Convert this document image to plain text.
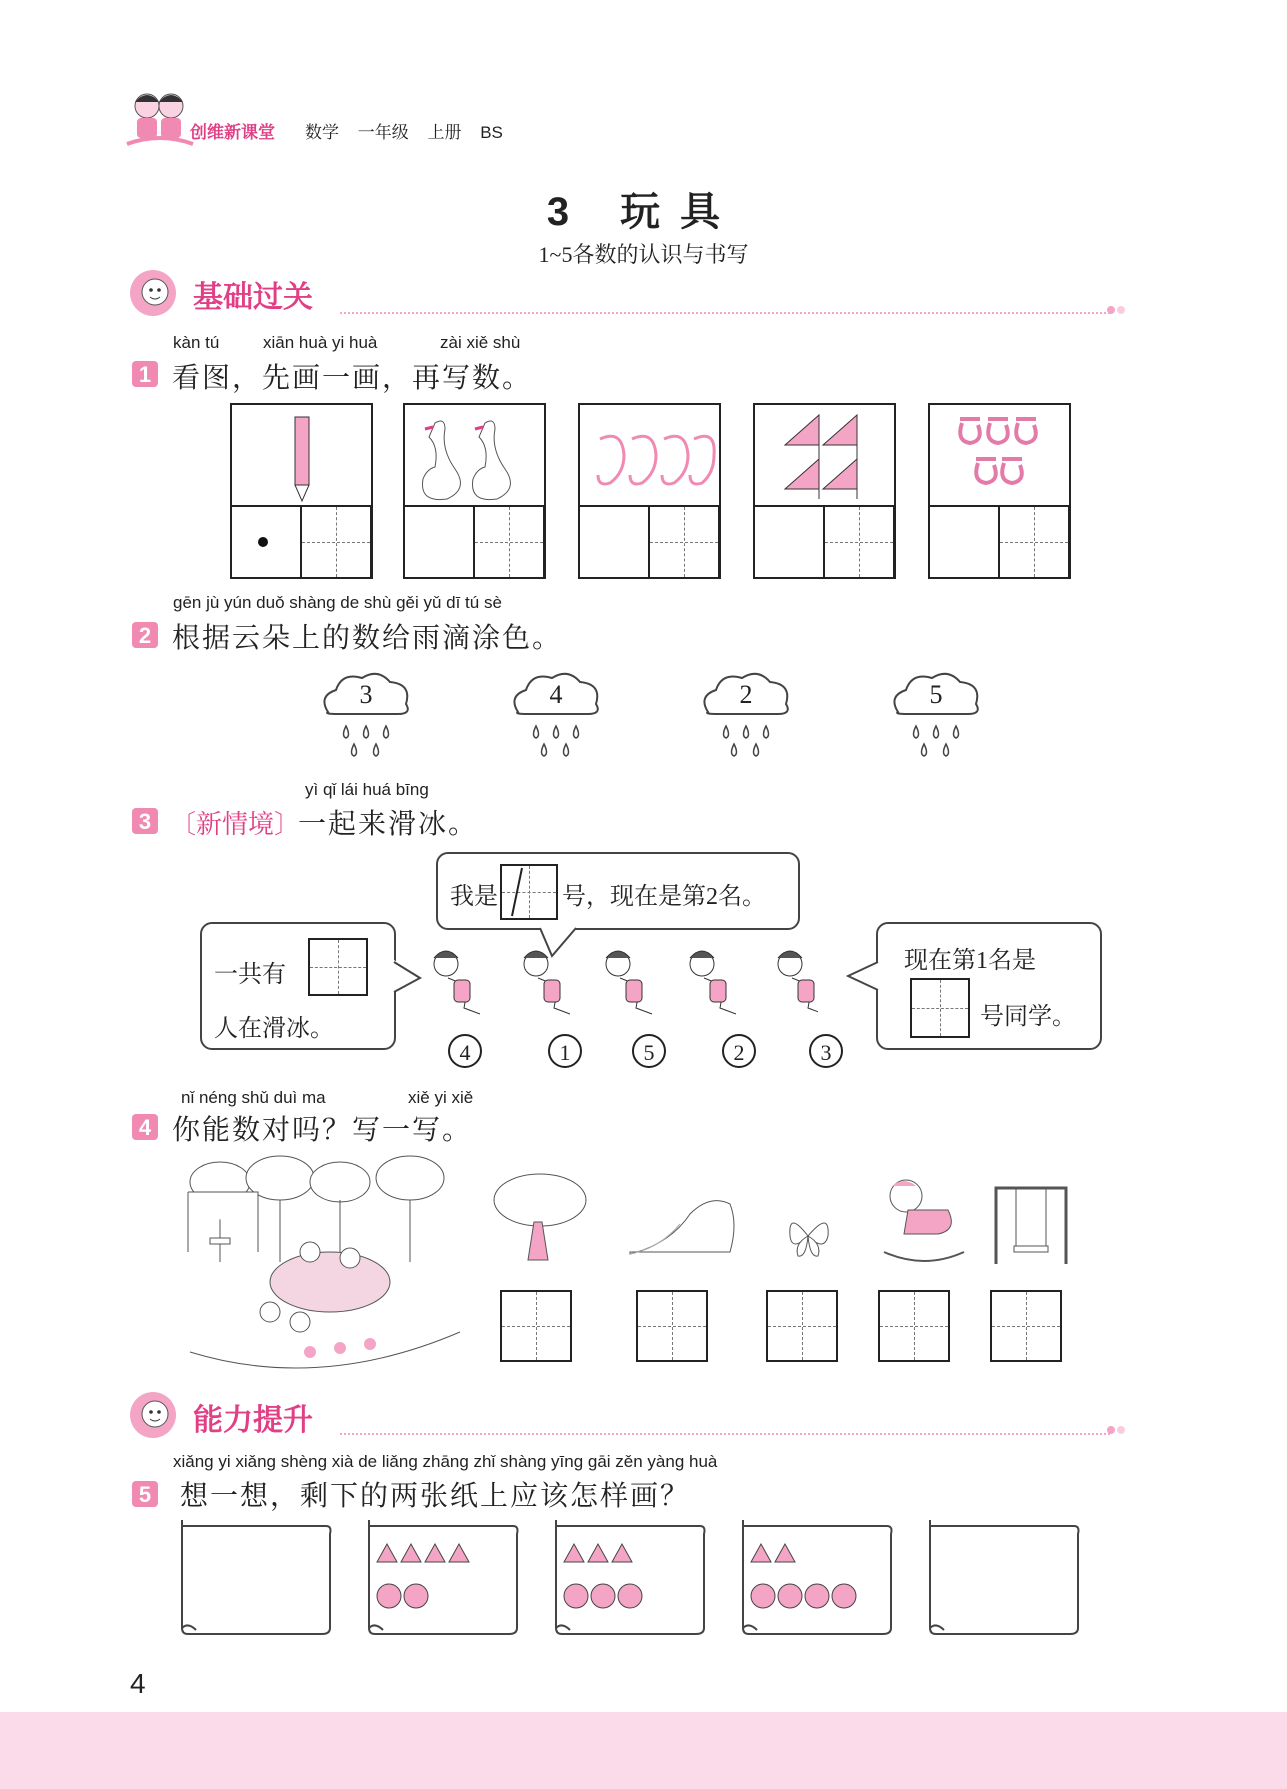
创维新课堂 数学 一年级 上册 BS
3 玩具
1~5各数的认识与书写
基础过关
kàn tú	xiān huà yi huà	zài xiě shù
1 看图，先画一画，再写数。
gēn jù yún duǒ shàng de shù gěi yǔ dī tú sè
2 根据云朵上的数给雨滴涂色。
3	4	2	5
yì qǐ lái huá bīng
3 〔新情境〕
一起来滑冰。
我是	号，现在是第2名。
一共有
人在滑冰。
现在第1名是
号同学。
4	1	5	2	3
nǐ néng shǔ duì ma	xiě yi xiě
4 你能数对吗？写一写。
能力提升
xiǎng yi xiǎng shèng xià de liǎng zhāng zhǐ shàng yīng gāi zěn yàng huà
5 想一想，剩下的两张纸上应该怎样画？
4
